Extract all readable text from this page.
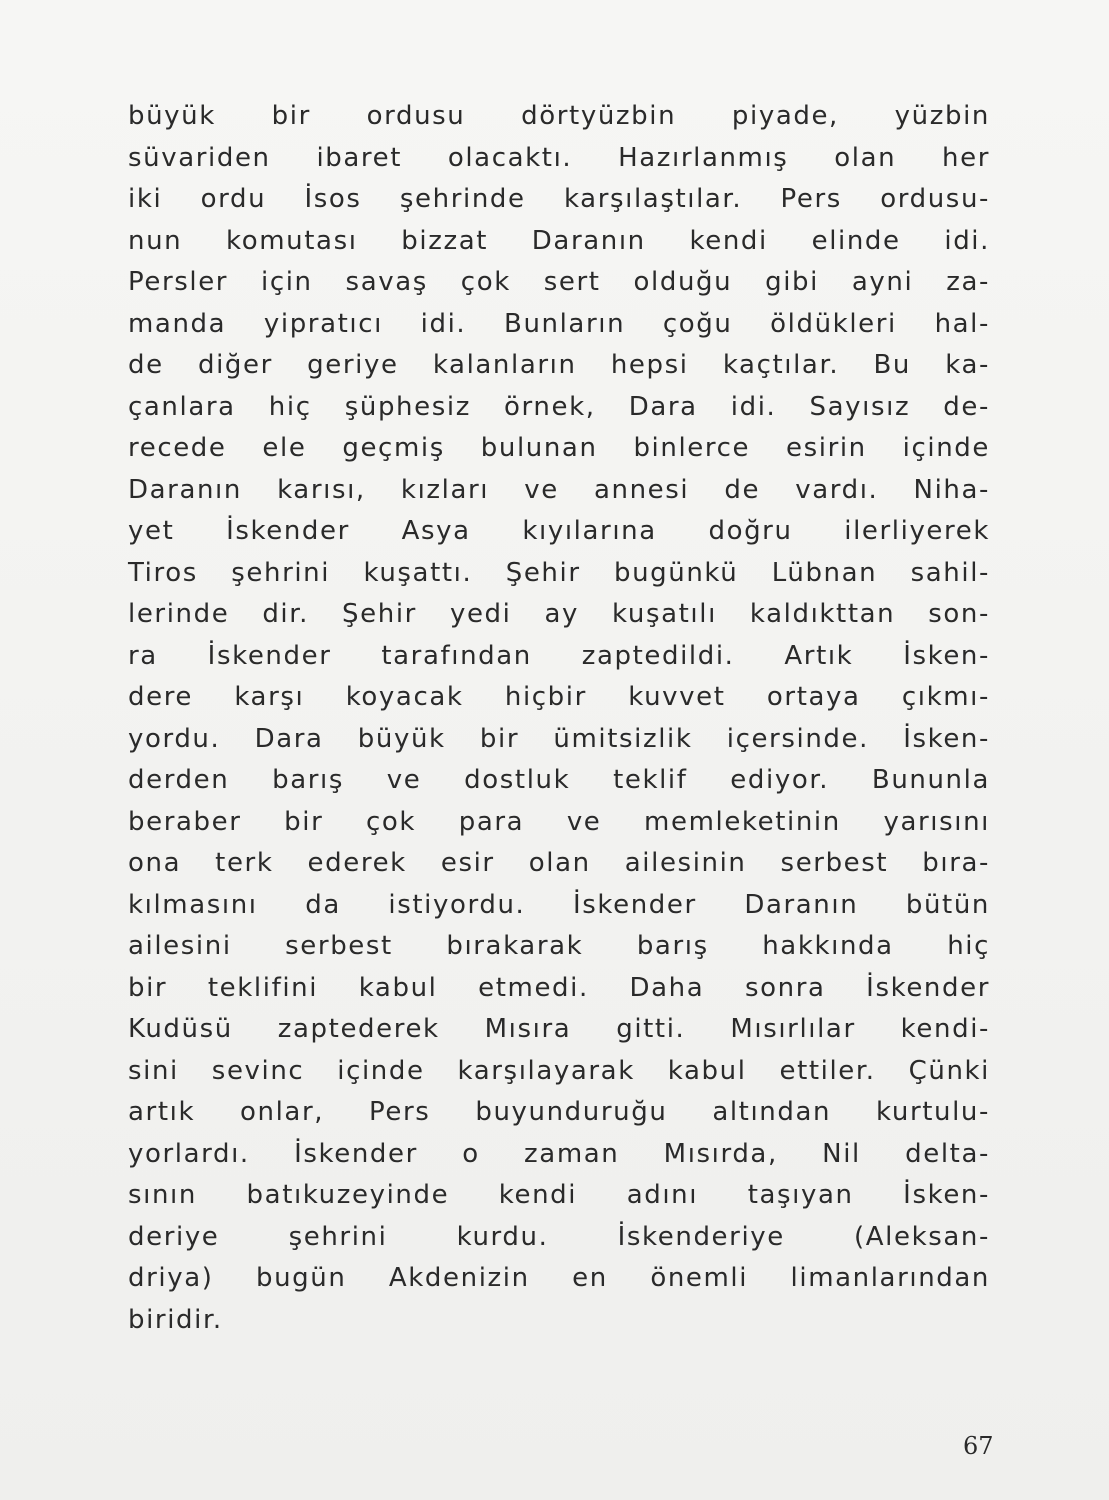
büyük bir ordusu dörtyüzbin piyade, yüzbin
süvariden ibaret olacaktı. Hazırlanmış olan her
iki ordu İsos şehrinde karşılaştılar. Pers ordusu-
nun komutası bizzat Daranın kendi elinde idi.
Persler için savaş çok sert olduğu gibi ayni za-
manda yipratıcı idi. Bunların çoğu öldükleri hal-
de diğer geriye kalanların hepsi kaçtılar. Bu ka-
çanlara hiç şüphesiz örnek, Dara idi. Sayısız de-
recede ele geçmiş bulunan binlerce esirin içinde
Daranın karısı, kızları ve annesi de vardı. Niha-
yet İskender Asya kıyılarına doğru ilerliyerek
Tiros şehrini kuşattı. Şehir bugünkü Lübnan sahil-
lerinde dir. Şehir yedi ay kuşatılı kaldıkttan son-
ra İskender tarafından zaptedildi. Artık İsken-
dere karşı koyacak hiçbir kuvvet ortaya çıkmı-
yordu. Dara büyük bir ümitsizlik içersinde. İsken-
derden barış ve dostluk teklif ediyor. Bununla
beraber bir çok para ve memleketinin yarısını
ona terk ederek esir olan ailesinin serbest bıra-
kılmasını da istiyordu. İskender Daranın bütün
ailesini serbest bırakarak barış hakkında hiç
bir teklifini kabul etmedi. Daha sonra İskender
Kudüsü zaptederek Mısıra gitti. Mısırlılar kendi-
sini sevinc içinde karşılayarak kabul ettiler. Çünki
artık onlar, Pers buyunduruğu altından kurtulu-
yorlardı. İskender o zaman Mısırda, Nil delta-
sının batıkuzeyinde kendi adını taşıyan İsken-
deriye şehrini kurdu. İskenderiye (Aleksan-
driya) bugün Akdenizin en önemli limanlarından
biridir.
67
